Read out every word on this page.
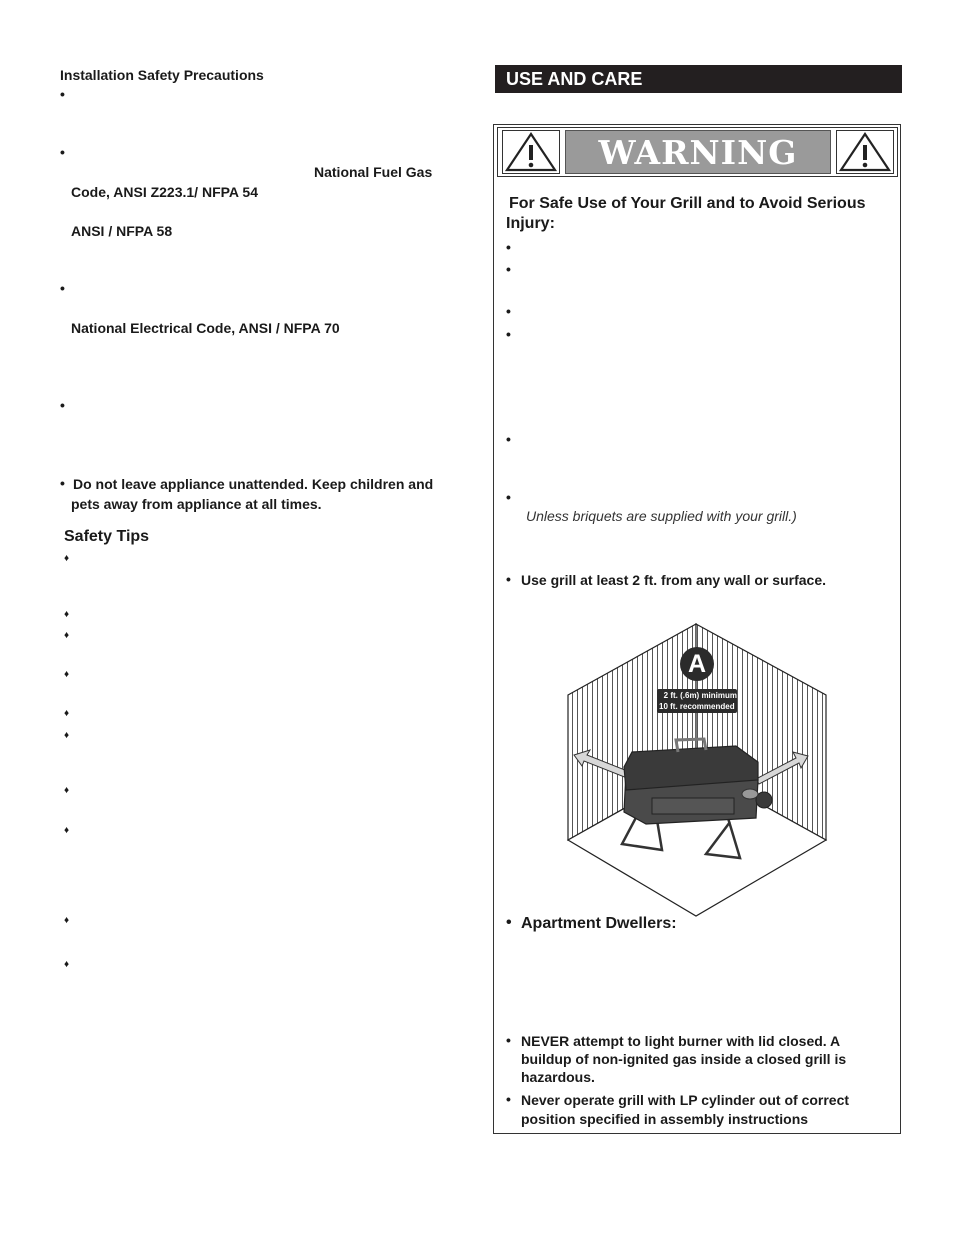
Installation Safety Precautions
•
•
National Fuel Gas
Code, ANSI Z223.1/ NFPA 54
ANSI / NFPA 58
•
National Electrical Code, ANSI / NFPA 70
•
• Do not leave appliance unattended. Keep children and
pets away from appliance at all times.
Safety Tips
♦
♦
♦
♦
♦
♦
♦
♦
♦
♦
USE AND CARE
WARNING
For Safe Use of Your Grill and to Avoid Serious
Injury:
•
•
•
•
•
•
Unless briquets are supplied with your grill.)
• Use grill at least 2 ft. from any wall or surface.
A
2 ft. (.6m) minimum
10 ft. recommended
• Apartment Dwellers:
• NEVER attempt to light burner with lid closed. A
buildup of non-ignited gas inside a closed grill is
hazardous.
• Never operate grill with LP cylinder out of correct
position specified in assembly instructions
